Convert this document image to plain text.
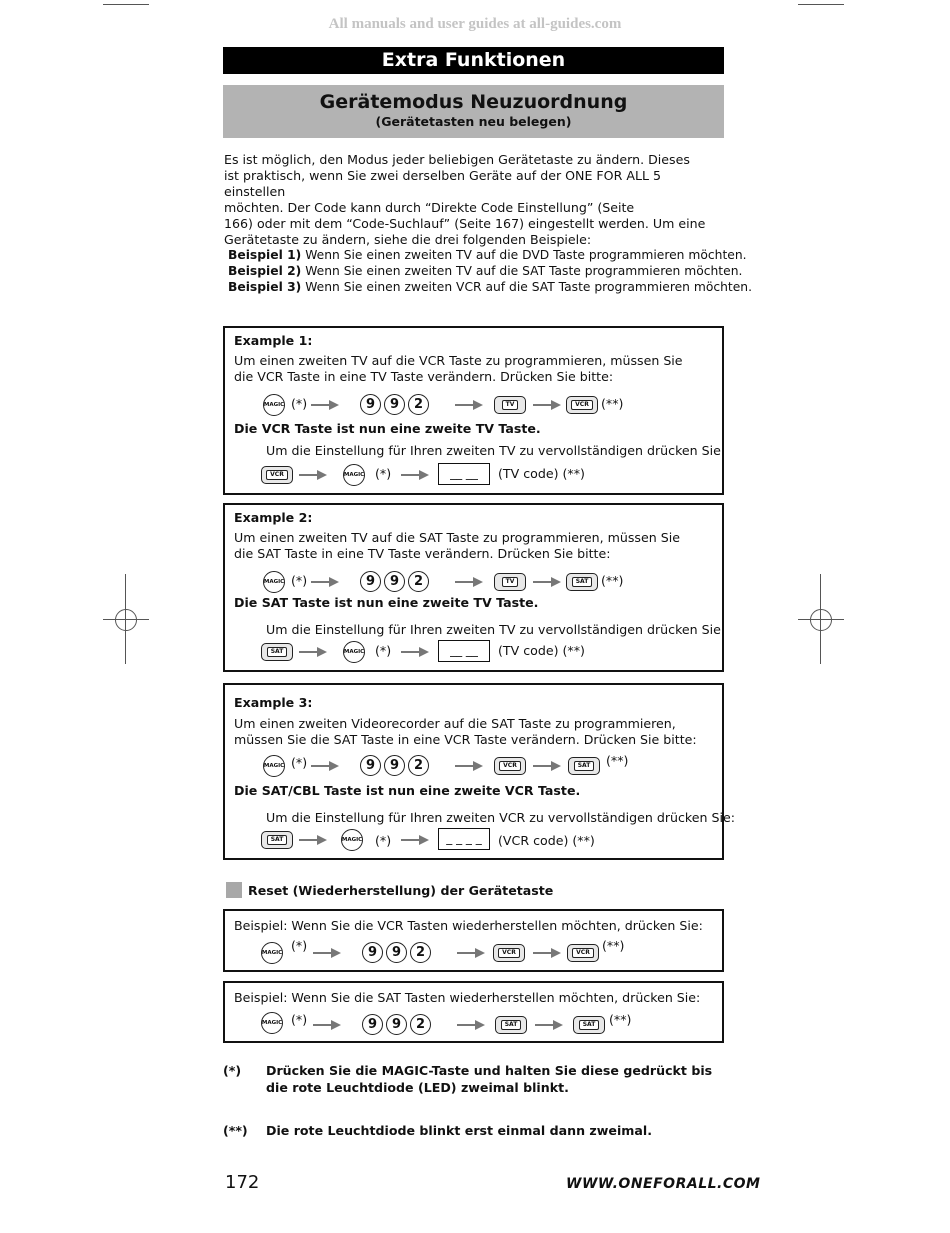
All manuals and user guides at all-guides.com
Extra Funktionen
Gerätemodus Neuzuordnung
(Gerätetasten neu belegen)
Es ist möglich, den Modus jeder beliebigen Gerätetaste zu ändern. Dieses
ist praktisch, wenn Sie zwei derselben Geräte auf der ONE FOR ALL 5 einstellen
möchten. Der Code kann durch “Direkte Code Einstellung” (Seite
166) oder mit dem “Code-Suchlauf” (Seite 167) eingestellt werden. Um eine
Gerätetaste zu ändern, siehe die drei folgenden Beispiele:
Beispiel 1) Wenn Sie einen zweiten TV auf die DVD Taste programmieren möchten.
Beispiel 2) Wenn Sie einen zweiten TV auf die SAT Taste programmieren möchten.
Beispiel 3) Wenn Sie einen zweiten VCR auf die SAT Taste programmieren möchten.
Example 1:
Um einen zweiten TV auf die VCR Taste zu programmieren, müssen Sie
die VCR Taste in eine TV Taste verändern. Drücken Sie bitte:
MAGIC (*)	9	9	2	TV	VCR (**)
Die VCR Taste ist nun eine zweite TV Taste.
Um die Einstellung für Ihren zweiten TV zu vervollständigen drücken Sie:
VCR	MAGIC (*)	__ __	(TV code) (**)
Example 2:
Um einen zweiten TV auf die SAT Taste zu programmieren, müssen Sie
die SAT Taste in eine TV Taste verändern. Drücken Sie bitte:
MAGIC (*)	9	9	2	TV	SAT	(**)
Die SAT Taste ist nun eine zweite TV Taste.
Um die Einstellung für Ihren zweiten TV zu vervollständigen drücken Sie:
SAT	MAGIC (*)	__ __	(TV code) (**)
Example 3:
Um einen zweiten Videorecorder auf die SAT Taste zu programmieren,
müssen Sie die SAT Taste in eine VCR Taste verändern. Drücken Sie bitte:
MAGIC (*)	9	9	2	VCR	SAT	(**)
Die SAT/CBL Taste ist nun eine zweite VCR Taste.
Um die Einstellung für Ihren zweiten VCR zu vervollständigen drücken Sie:
SAT	MAGIC (*)	_ _ _ _	(VCR code) (**)
Reset (Wiederherstellung) der Gerätetaste
Beispiel: Wenn Sie die VCR Tasten wiederherstellen möchten, drücken Sie:
MAGIC (*)	9	9	2	VCR	VCR (**)
Beispiel: Wenn Sie die SAT Tasten wiederherstellen möchten, drücken Sie:
MAGIC (*)	9	9	2	SAT	SAT	(**)
(*) Drücken Sie die MAGIC-Taste und halten Sie diese gedrückt bis die rote Leuchtdiode (LED) zweimal blinkt.
(**) Die rote Leuchtdiode blinkt erst einmal dann zweimal.
172	WWW.ONEFORALL.COM
